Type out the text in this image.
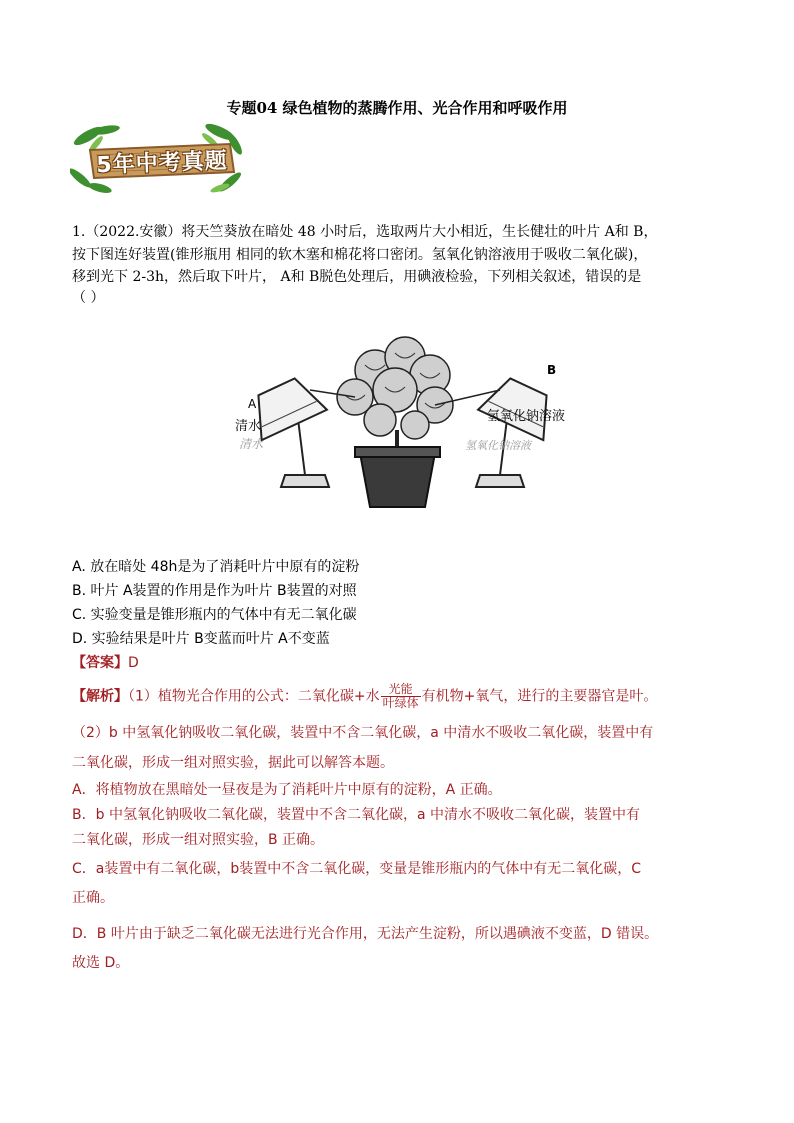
专题04 绿色植物的蒸腾作用、光合作用和呼吸作用
5年中考真题
1.（2022.安徽）将天竺葵放在暗处 48 小时后，选取两片大小相近，生长健壮的叶片 A和 B，
按下图连好装置(锥形瓶用 相同的软木塞和棉花将口密闭。氢氧化钠溶液用于吸收二氧化碳)，
移到光下 2-3h，然后取下叶片， A和 B脱色处理后，用碘液检验，下列相关叙述，错误的是
（ ）
A
清水
清水
B
氢氧化钠溶液
氢氧化钠溶液
A. 放在暗处 48h是为了消耗叶片中原有的淀粉
B. 叶片 A装置的作用是作为叶片 B装置的对照
C. 实验变量是锥形瓶内的气体中有无二氧化碳
D. 实验结果是叶片 B变蓝而叶片 A不变蓝
【答案】D
【解析】（1）植物光合作用的公式：二氧化碳+水 $\frac{\text{光能}}{\text{叶绿体}}$ 有机物+氧气，进行的主要器官是叶。
（2）b 中氢氧化钠吸收二氧化碳，装置中不含二氧化碳，a 中清水不吸收二氧化碳，装置中有
二氧化碳，形成一组对照实验，据此可以解答本题。
A．将植物放在黑暗处一昼夜是为了消耗叶片中原有的淀粉，A 正确。
B．b 中氢氧化钠吸收二氧化碳，装置中不含二氧化碳，a 中清水不吸收二氧化碳，装置中有
二氧化碳，形成一组对照实验，B 正确。
C．a装置中有二氧化碳，b装置中不含二氧化碳，变量是锥形瓶内的气体中有无二氧化碳，C
正确。
D．B 叶片由于缺乏二氧化碳无法进行光合作用，无法产生淀粉，所以遇碘液不变蓝，D 错误。
故选 D。
